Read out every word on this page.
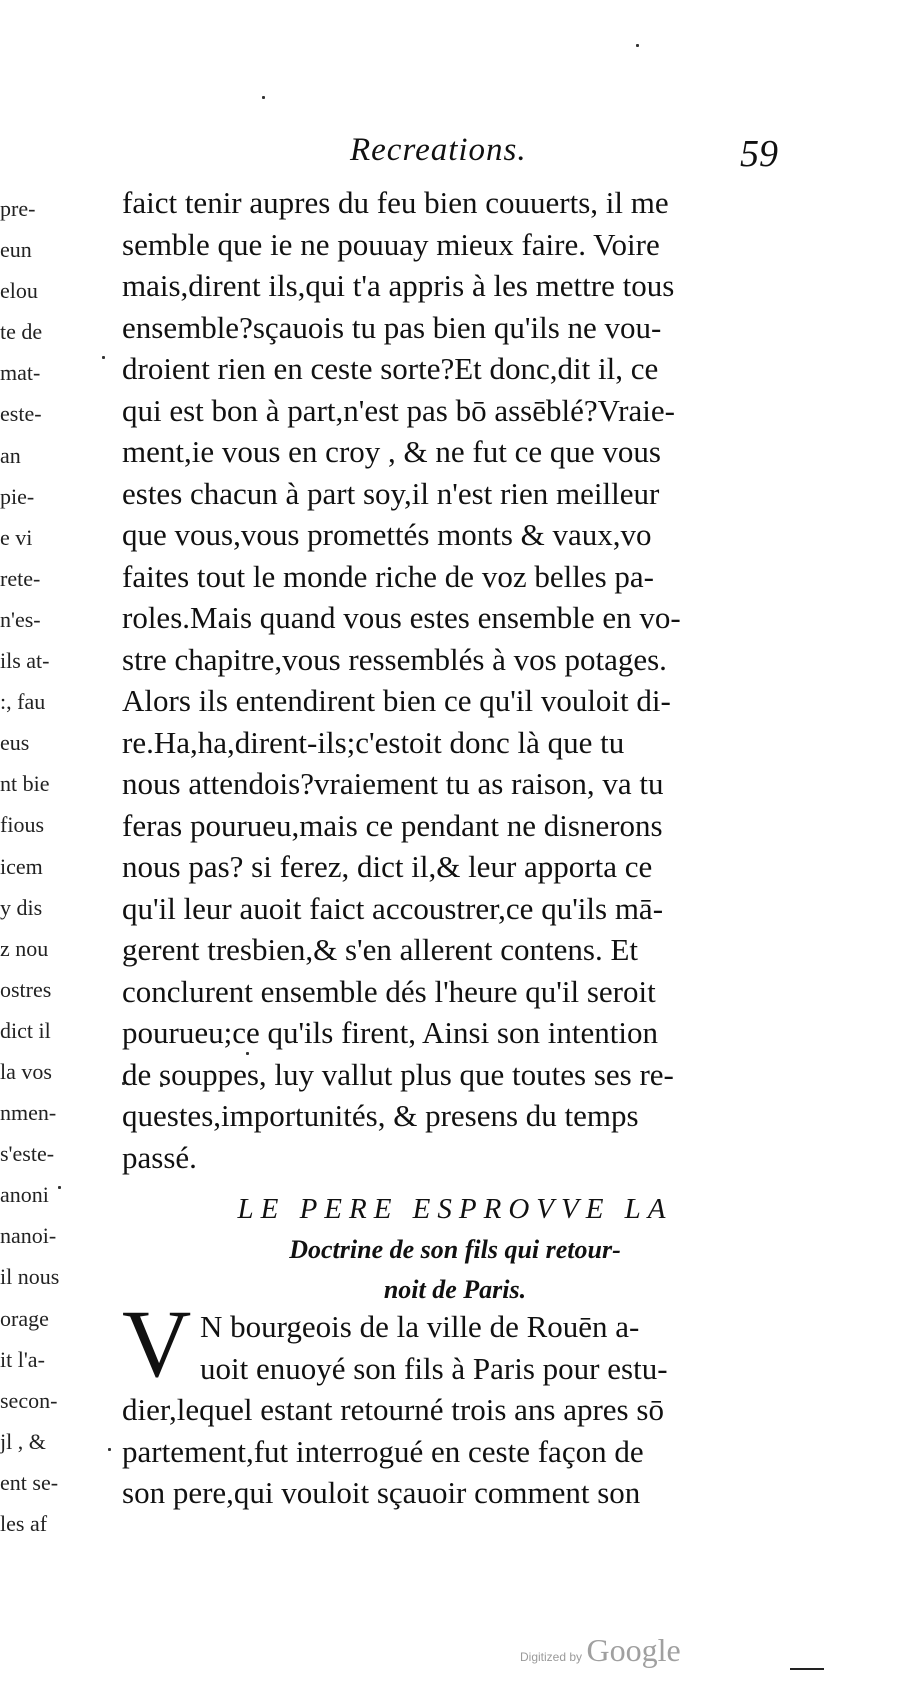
pre-
eun
elou
te de
mat-
este-
an
pie-
e vi
rete-
n'es-
ils at-
:, fau
eus
nt bie
fious
icem
y dis
z nou
ostres
dict il
la vos
nmen-
s'este-
anoni
nanoi-
il nous
orage
it l'a-
secon-
jl , &
ent se-
les af
Recreations.	59
faict tenir aupres du feu bien couuerts, il me
semble que ie ne pouuay mieux faire. Voire
mais,dirent ils,qui t'a appris à les mettre tous
ensemble?sçauois tu pas bien qu'ils ne vou-
droient rien en ceste sorte?Et donc,dit il, ce
qui est bon à part,n'est pas bō assēblé?Vraie-
ment,ie vous en croy , & ne fut ce que vous
estes chacun à part soy,il n'est rien meilleur
que vous,vous promettés monts & vaux,vo
faites tout le monde riche de voz belles pa-
roles.Mais quand vous estes ensemble en vo-
stre chapitre,vous ressemblés à vos potages.
Alors ils entendirent bien ce qu'il vouloit di-
re.Ha,ha,dirent-ils;c'estoit donc là que tu
nous attendois?vraiement tu as raison, va tu
feras pourueu,mais ce pendant ne disnerons
nous pas? si ferez, dict il,& leur apporta ce
qu'il leur auoit faict accoustrer,ce qu'ils mā-
gerent tresbien,& s'en allerent contens. Et
conclurent ensemble dés l'heure qu'il seroit
pourueu;ce qu'ils firent, Ainsi son intention
de souppes, luy vallut plus que toutes ses re-
questes,importunités, & presens du temps
passé.
LE PERE ESPROVVE LA
Doctrine de son fils qui retour-
noit de Paris.
V N bourgeois de la ville de Rouēn a-
uoit enuoyé son fils à Paris pour estu-
dier,lequel estant retourné trois ans apres sō
partement,fut interrogué en ceste façon de
son pere,qui vouloit sçauoir comment son
Digitized by Google
